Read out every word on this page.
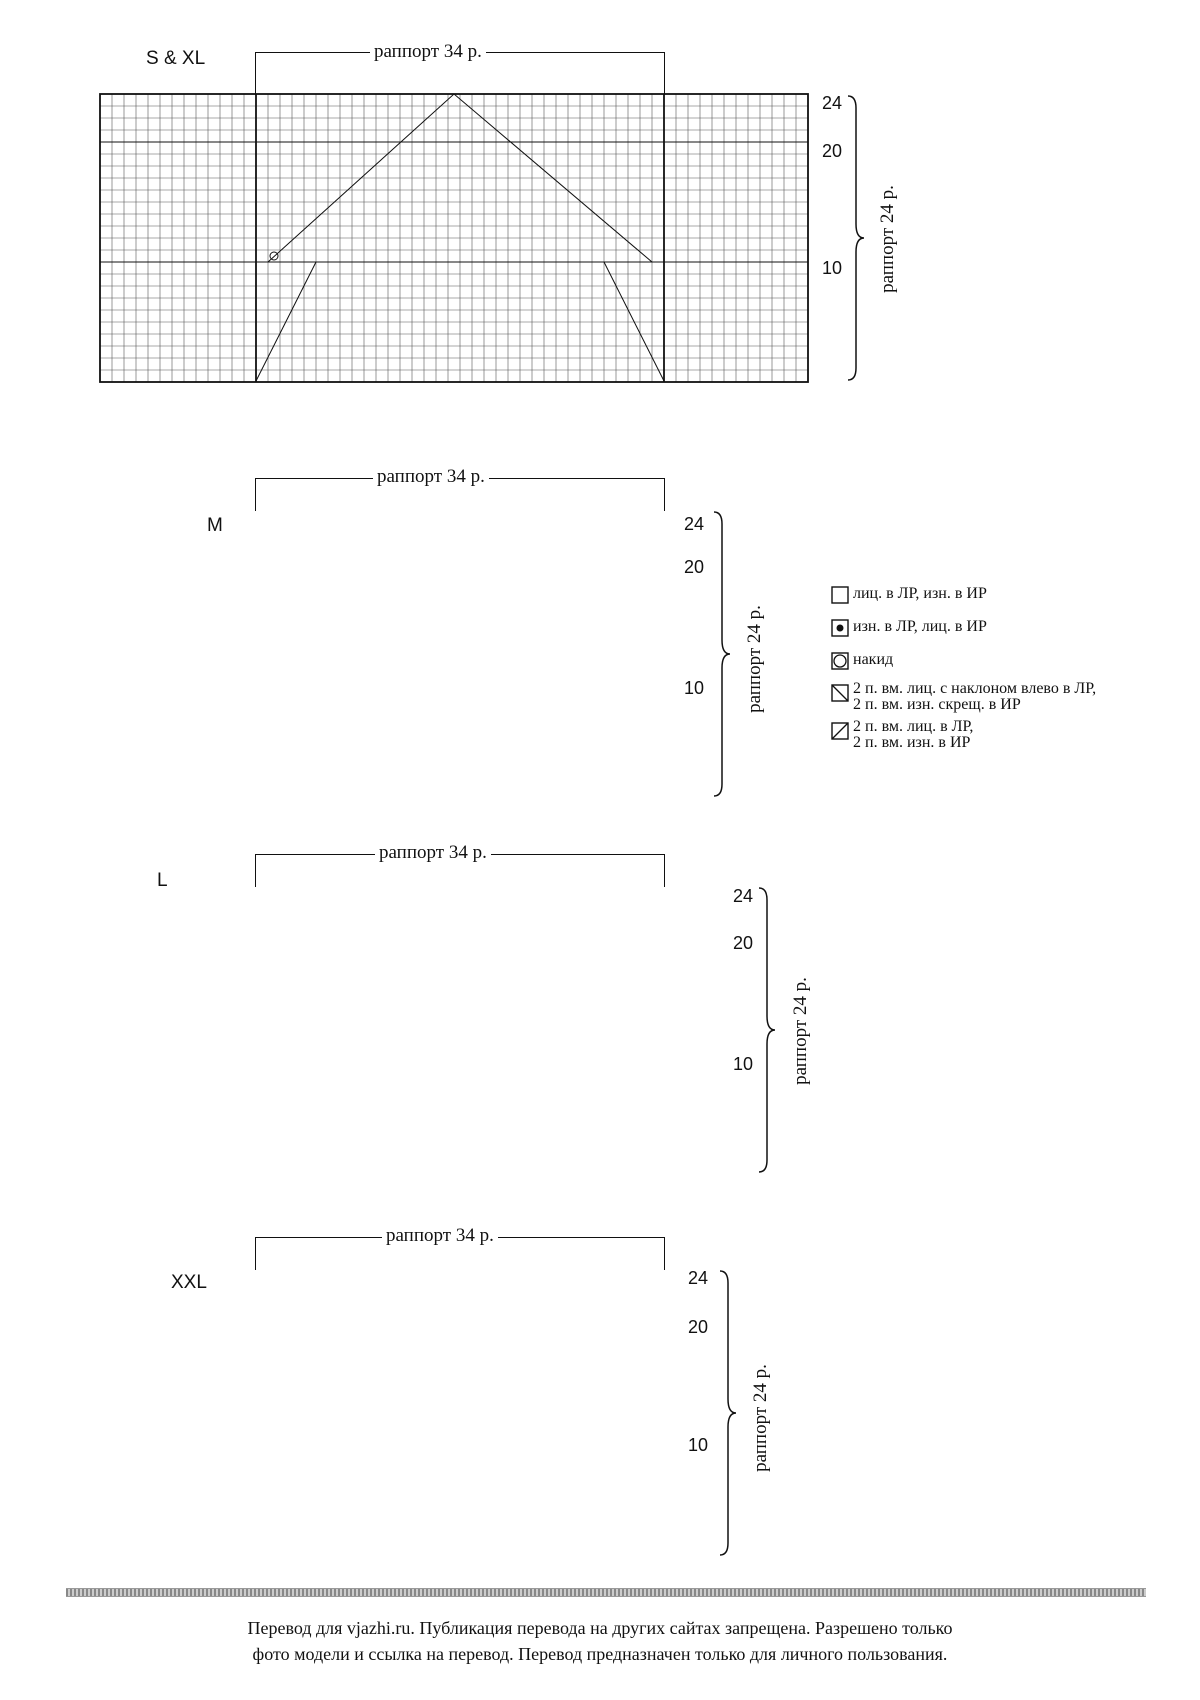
S & XL	раппорт 34 р.
24
20
10 раппорт 24 р.
M
раппорт 34 р.
24
20
10 раппорт 24 р.
лиц. в ЛР, изн. в ИР
изн. в ЛР, лиц. в ИР
накид
2 п. вм. лиц. с наклоном влево в ЛР,
2 п. вм. изн. скрещ. в ИР
2 п. вм. лиц. в ЛР,
2 п. вм. изн. в ИР
L
раппорт 34 р.
24
20
10 раппорт 24 р.
XXL
раппорт 34 р.
24
20
10 раппорт 24 р.
Перевод для vjazhi.ru. Публикация перевода на других сайтах запрещена. Разрешено только
фото модели и ссылка на перевод. Перевод предназначен только для личного пользования.
